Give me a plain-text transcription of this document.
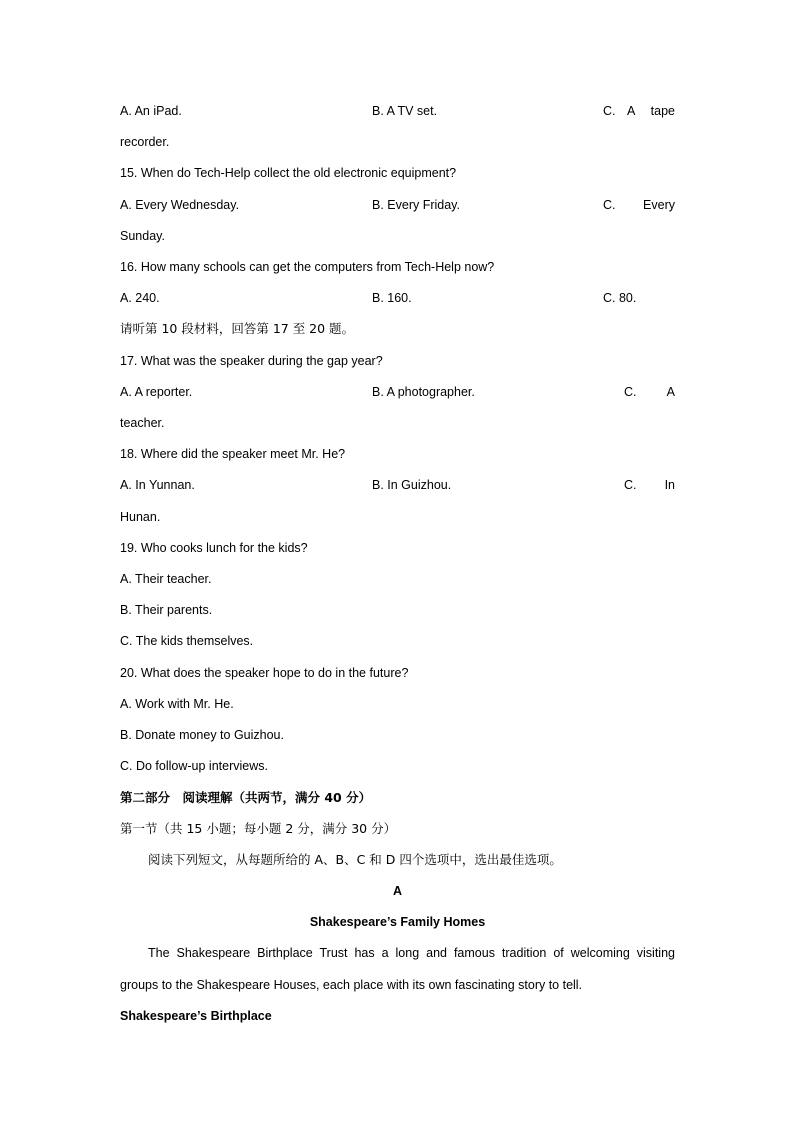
A. An iPad.	B. A TV set.	C. A tape
recorder.
15. When do Tech-Help collect the old electronic equipment?
A. Every Wednesday.	B. Every Friday.	C. Every
Sunday.
16. How many schools can get the computers from Tech-Help now?
A. 240.	B. 160.	C. 80.
请听第 10 段材料，回答第 17 至 20 题。
17. What was the speaker during the gap year?
A. A reporter.	B. A photographer.	C. A
teacher.
18. Where did the speaker meet Mr. He?
A. In Yunnan.	B. In Guizhou.	C. In
Hunan.
19. Who cooks lunch for the kids?
A. Their teacher.
B. Their parents.
C. The kids themselves.
20. What does the speaker hope to do in the future?
A. Work with Mr. He.
B. Donate money to Guizhou.
C. Do follow-up interviews.
第二部分　阅读理解（共两节，满分 40 分）
第一节（共 15 小题；每小题 2 分，满分 30 分）
阅读下列短文，从每题所给的 A、B、C 和 D 四个选项中，选出最佳选项。
A
Shakespeare’s Family Homes
The Shakespeare Birthplace Trust has a long and famous tradition of welcoming visiting
groups to the Shakespeare Houses, each place with its own fascinating story to tell.
Shakespeare’s Birthplace
